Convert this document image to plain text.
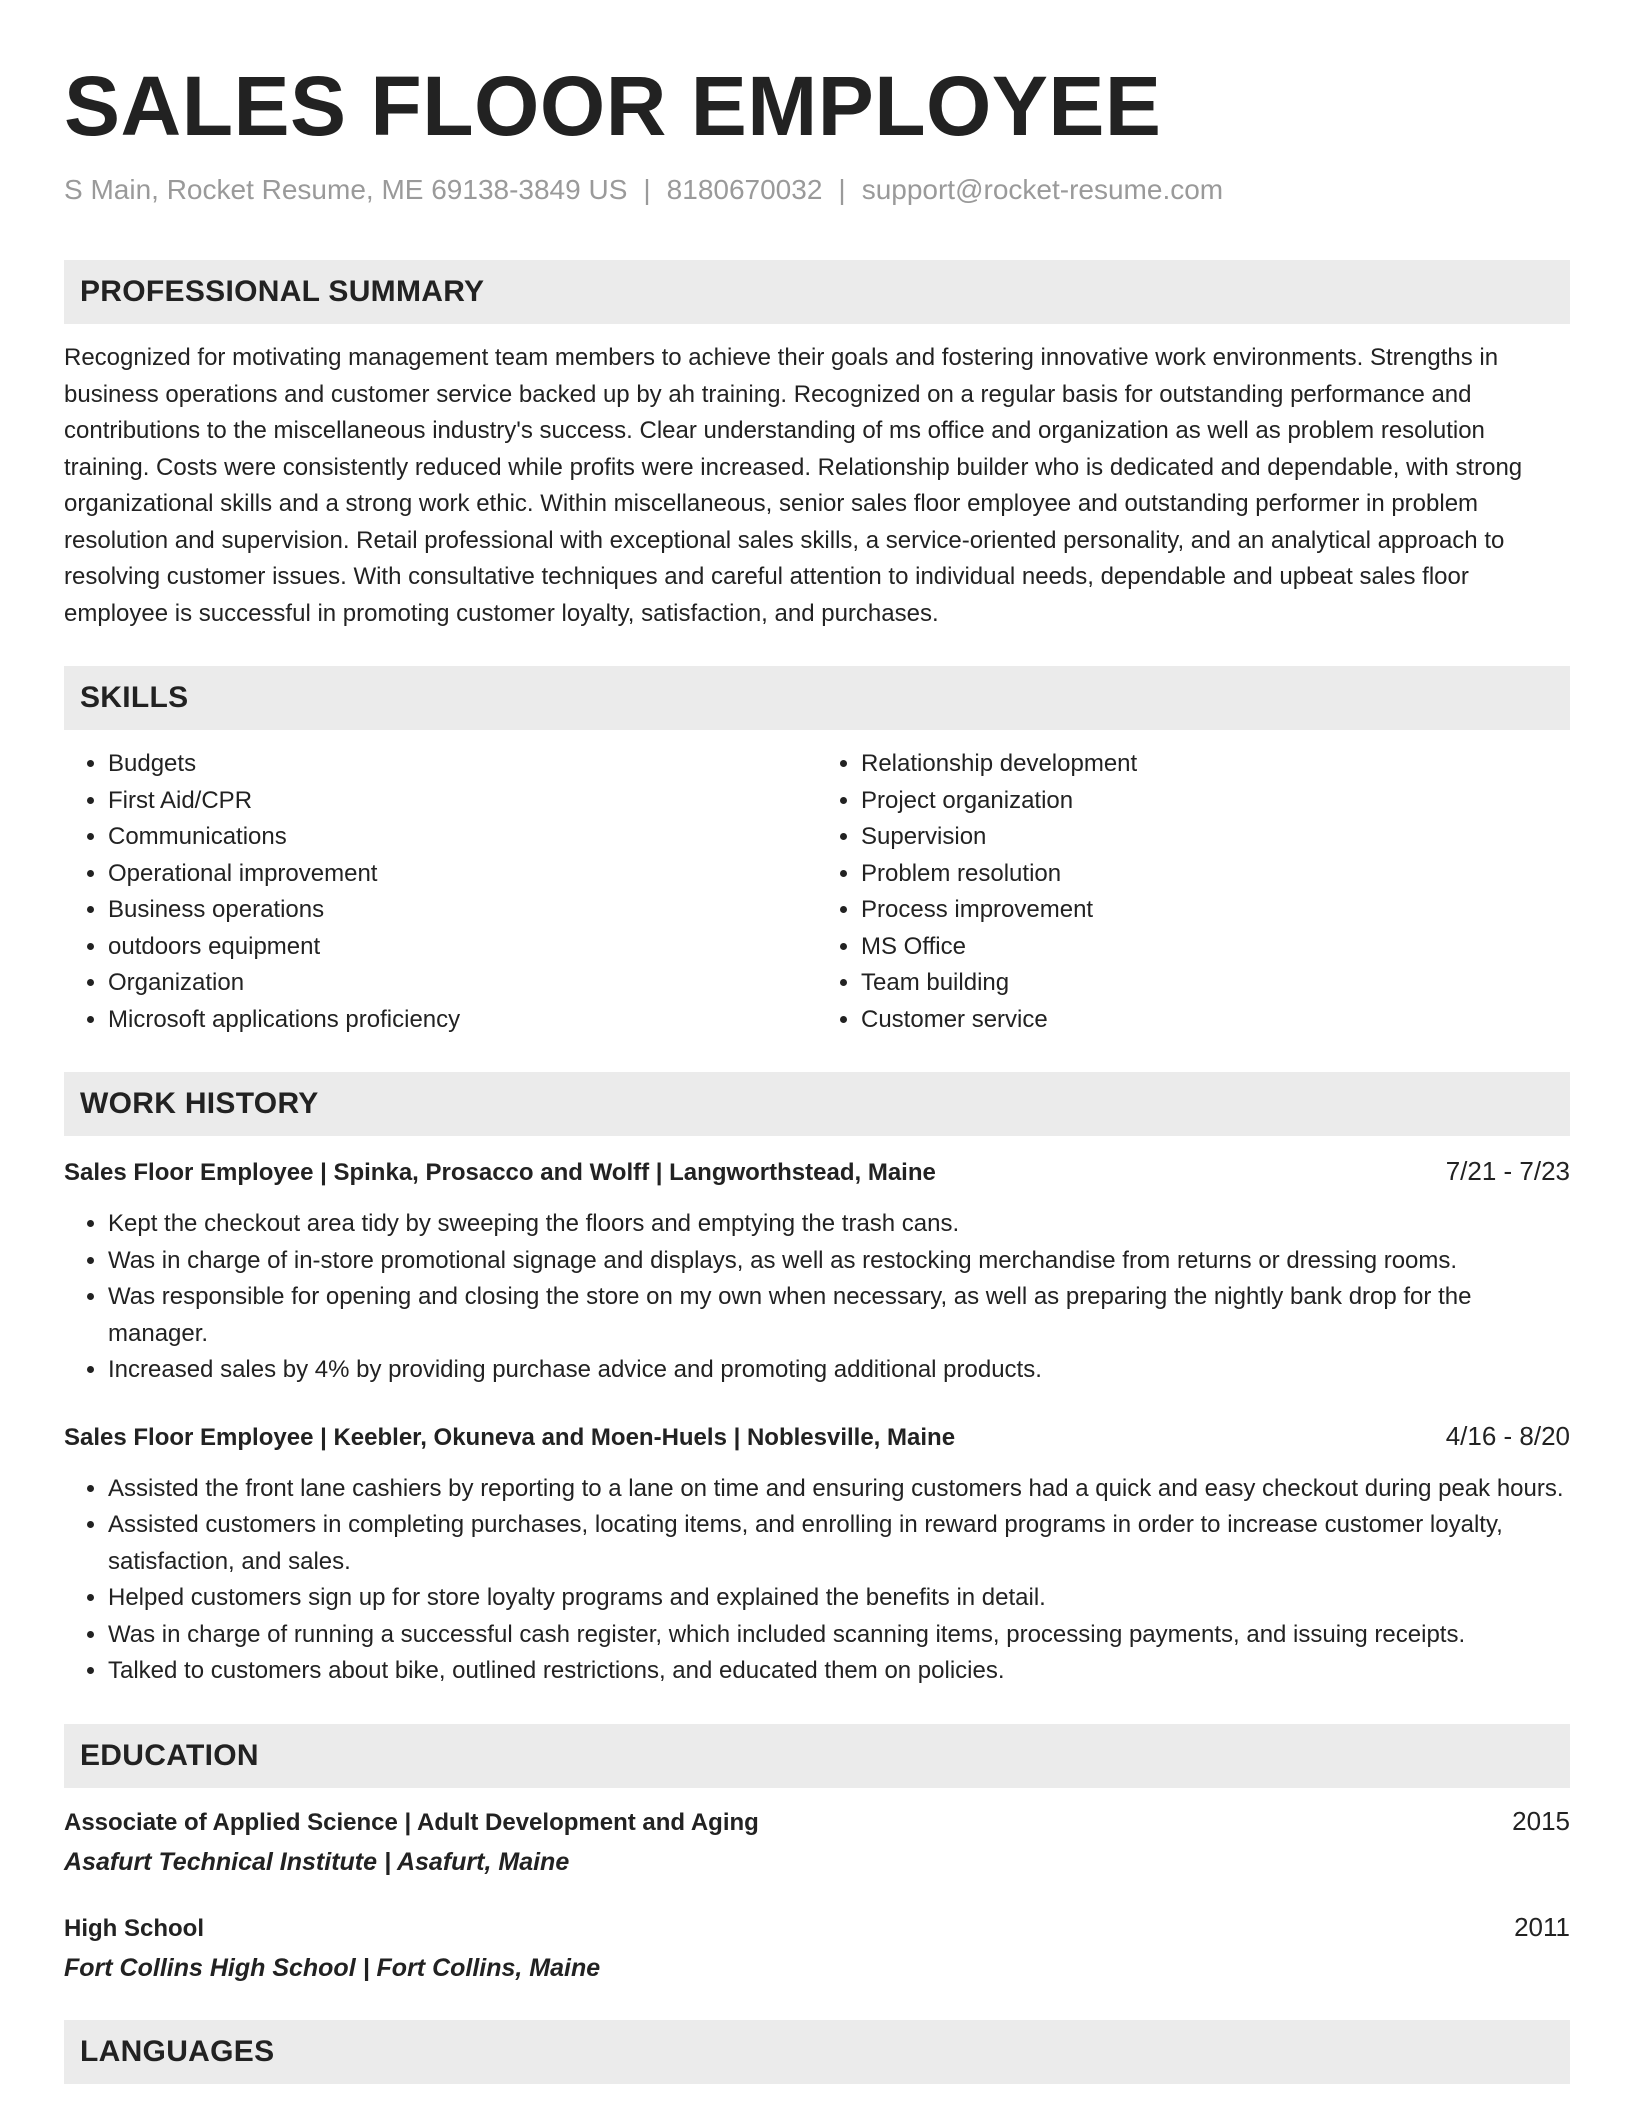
SALES FLOOR EMPLOYEE
S Main, Rocket Resume, ME 69138-3849 US | 8180670032 | support@rocket-resume.com
PROFESSIONAL SUMMARY
Recognized for motivating management team members to achieve their goals and fostering innovative work environments. Strengths in business operations and customer service backed up by ah training. Recognized on a regular basis for outstanding performance and contributions to the miscellaneous industry's success. Clear understanding of ms office and organization as well as problem resolution training. Costs were consistently reduced while profits were increased. Relationship builder who is dedicated and dependable, with strong organizational skills and a strong work ethic. Within miscellaneous, senior sales floor employee and outstanding performer in problem resolution and supervision. Retail professional with exceptional sales skills, a service-oriented personality, and an analytical approach to resolving customer issues. With consultative techniques and careful attention to individual needs, dependable and upbeat sales floor employee is successful in promoting customer loyalty, satisfaction, and purchases.
SKILLS
• Budgets
• First Aid/CPR
• Communications
• Operational improvement
• Business operations
• outdoors equipment
• Organization
• Microsoft applications proficiency
• Relationship development
• Project organization
• Supervision
• Problem resolution
• Process improvement
• MS Office
• Team building
• Customer service
WORK HISTORY
Sales Floor Employee | Spinka, Prosacco and Wolff | Langworthstead, Maine	7/21 - 7/23
• Kept the checkout area tidy by sweeping the floors and emptying the trash cans.
• Was in charge of in-store promotional signage and displays, as well as restocking merchandise from returns or dressing rooms.
• Was responsible for opening and closing the store on my own when necessary, as well as preparing the nightly bank drop for the manager.
• Increased sales by 4% by providing purchase advice and promoting additional products.
Sales Floor Employee | Keebler, Okuneva and Moen-Huels | Noblesville, Maine	4/16 - 8/20
• Assisted the front lane cashiers by reporting to a lane on time and ensuring customers had a quick and easy checkout during peak hours.
• Assisted customers in completing purchases, locating items, and enrolling in reward programs in order to increase customer loyalty, satisfaction, and sales.
• Helped customers sign up for store loyalty programs and explained the benefits in detail.
• Was in charge of running a successful cash register, which included scanning items, processing payments, and issuing receipts.
• Talked to customers about bike, outlined restrictions, and educated them on policies.
EDUCATION
Associate of Applied Science | Adult Development and Aging	2015
Asafurt Technical Institute | Asafurt, Maine
High School	2011
Fort Collins High School | Fort Collins, Maine
LANGUAGES
